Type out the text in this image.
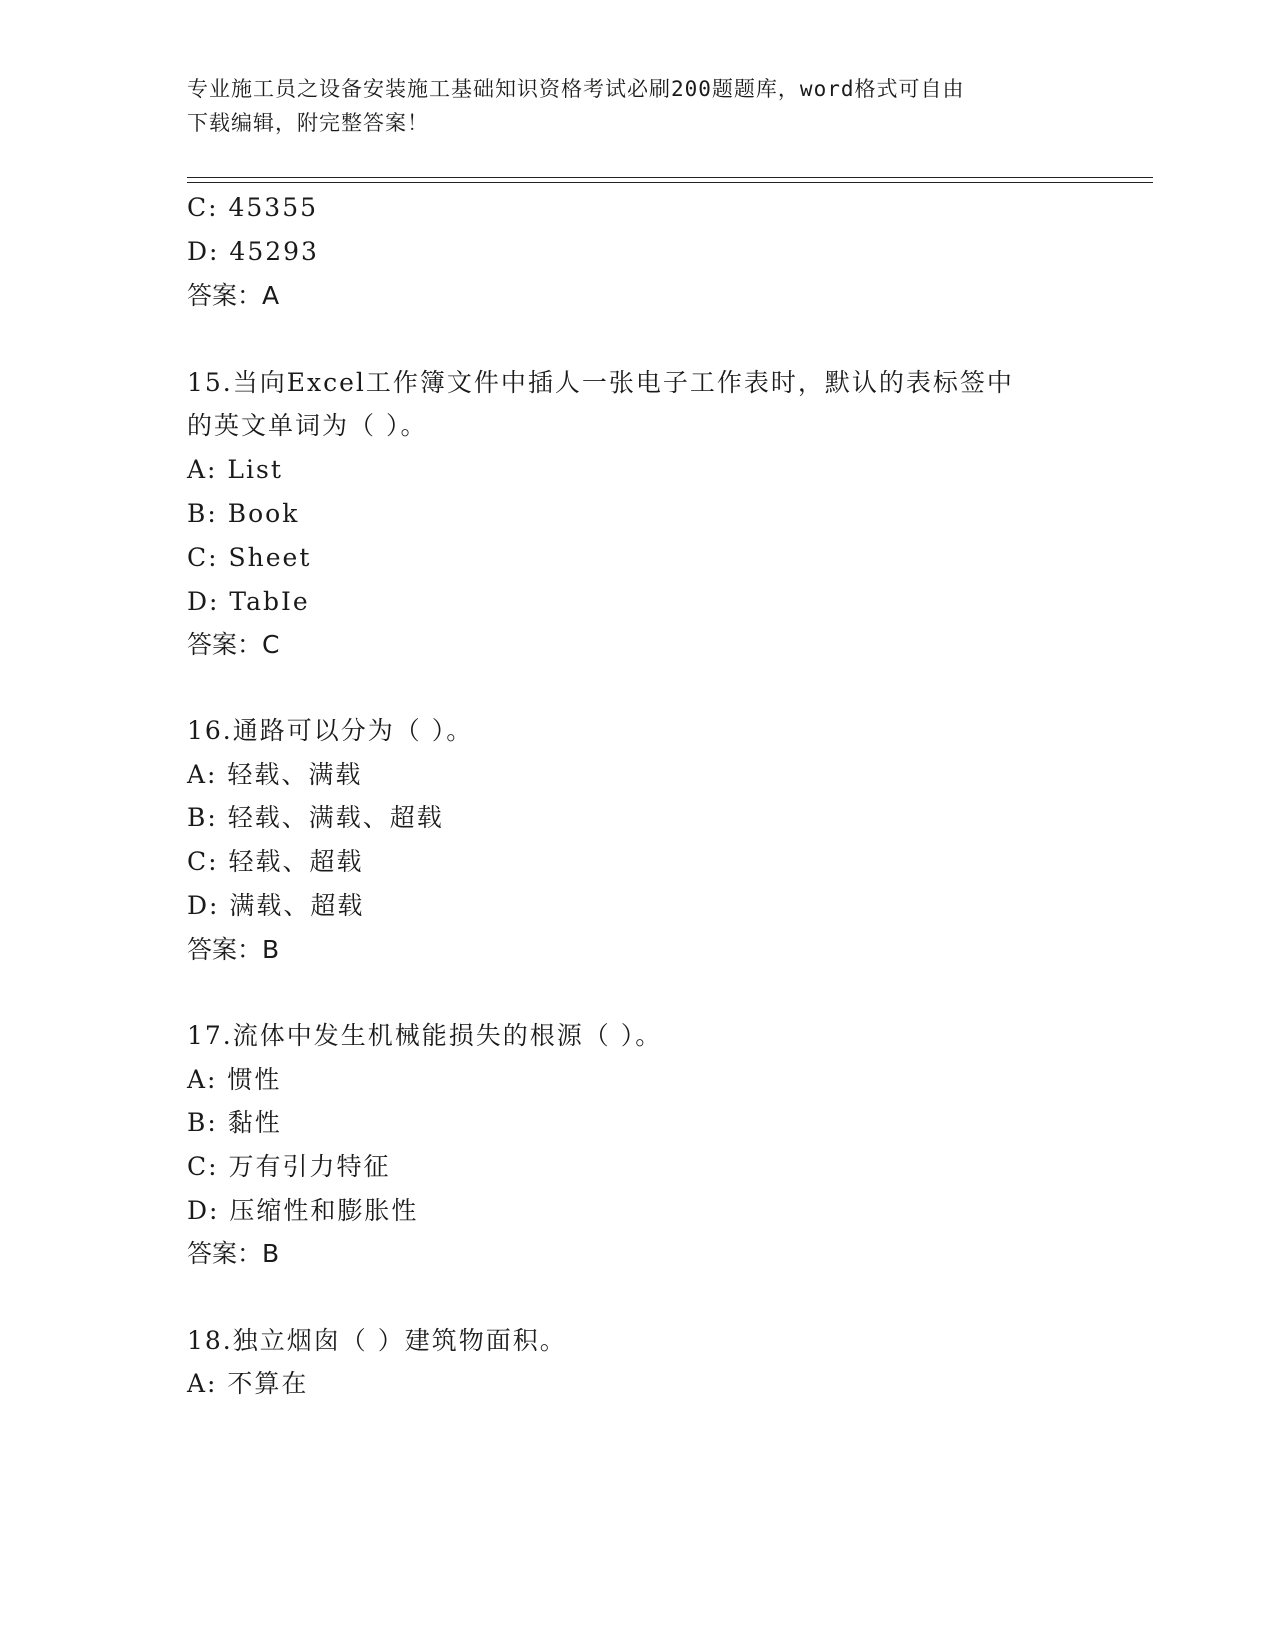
专业施工员之设备安装施工基础知识资格考试必刷200题题库，word格式可自由
下载编辑，附完整答案！
C: 45355
D: 45293
答案：A
15.当向Excel工作簿文件中插人一张电子工作表时，默认的表标签中
的英文单词为（ ）。
A: List
B: Book
C: Sheet
D: TabIe
答案：C
16.通路可以分为（ ）。
A: 轻载、满载
B: 轻载、满载、超载
C: 轻载、超载
D: 满载、超载
答案：B
17.流体中发生机械能损失的根源（ ）。
A: 惯性
B: 黏性
C: 万有引力特征
D: 压缩性和膨胀性
答案：B
18.独立烟囱（ ）建筑物面积。
A: 不算在
